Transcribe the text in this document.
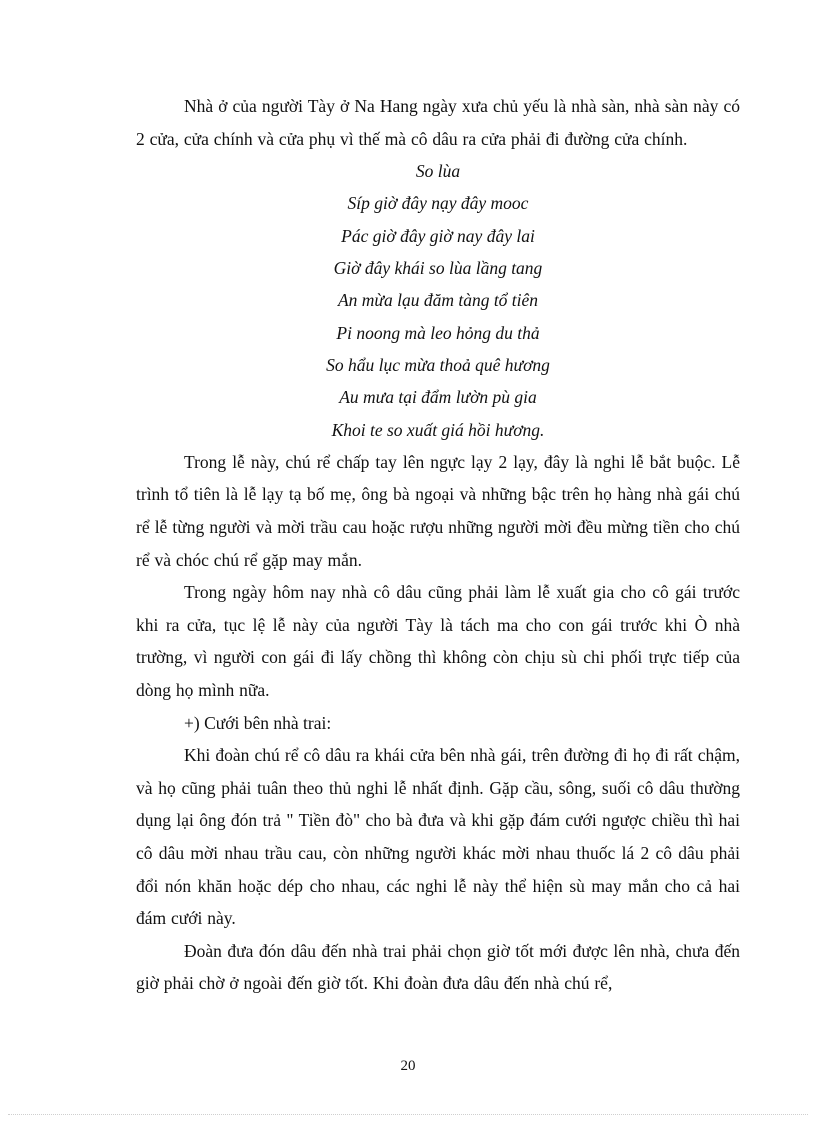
Nhà ở của người Tày ở Na Hang ngày xưa chủ yếu là nhà sàn, nhà sàn này có 2 cửa, cửa chính và cửa phụ vì thế mà cô dâu ra cửa phải đi đường cửa chính.

So lùa
Síp giờ đây nạy đây mooc
Pác giờ đây giờ nay đây lai
Giờ đây khái so lùa lầng tang
An mừa lạu đăm tàng tổ tiên
Pi noong mà leo hỏng du thả
So hẩu lục mừa thoả quê hương
Au mưa tại đẩm lườn pù gia
Khoi te so xuất giá hồi hương.

Trong lễ này, chú rể chấp tay lên ngực lạy 2 lạy, đây là nghi lễ bắt buộc. Lễ trình tổ tiên là lễ lạy tạ bố mẹ, ông bà ngoại và những bậc trên họ hàng nhà gái chú rể lễ từng người và mời trầu cau hoặc rượu những người mời đều mừng tiền cho chú rể và chóc chú rể gặp may mắn.

Trong ngày hôm nay nhà cô dâu cũng phải làm lễ xuất gia cho cô gái trước khi ra cửa, tục lệ lễ này của người Tày là tách ma cho con gái trước khi Ò nhà trường, vì người con gái đi lấy chồng thì không còn chịu sù chi phối trực tiếp của dòng họ mình nữa.

+) Cưới bên nhà trai:

Khi đoàn chú rể cô dâu ra khái cửa bên nhà gái, trên đường đi họ đi rất chậm, và họ cũng phải tuân theo thủ nghi lễ nhất định. Gặp cầu, sông, suối cô dâu thường dụng lại ông đón trả " Tiền đò" cho bà đưa và khi gặp đám cưới ngược chiều thì hai cô dâu mời nhau trầu cau, còn những người khác mời nhau thuốc lá 2 cô dâu phải đổi nón khăn hoặc dép cho nhau, các nghi lễ này thể hiện sù may mắn cho cả hai đám cưới này.

Đoàn đưa đón dâu đến nhà trai phải chọn giờ tốt mới được lên nhà, chưa đến giờ phải chờ ở ngoài đến giờ tốt. Khi đoàn đưa dâu đến nhà chú rể,

20
